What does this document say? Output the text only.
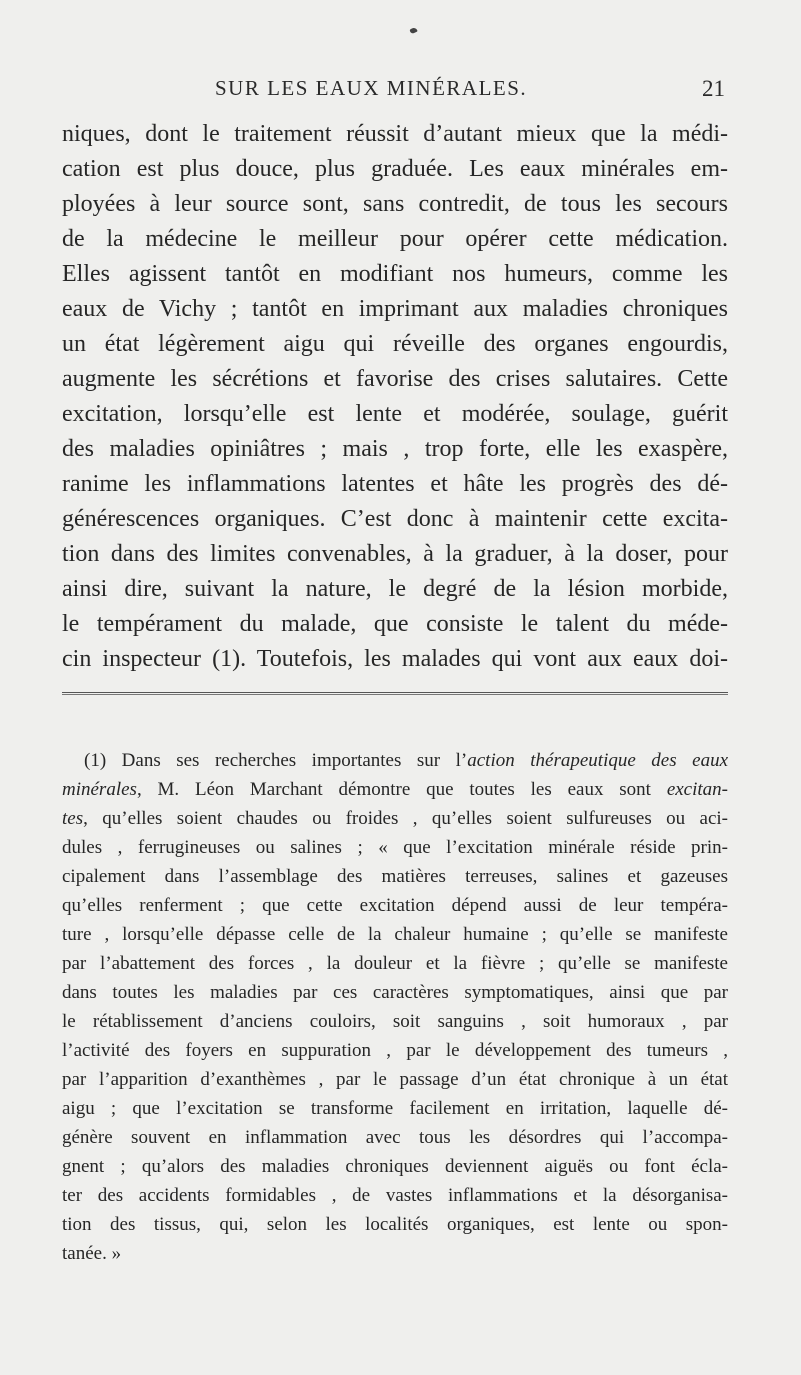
SUR LES EAUX MINÉRALES.	21
niques, dont le traitement réussit d’autant mieux que la médi-
cation est plus douce, plus graduée. Les eaux minérales em-
ployées à leur source sont, sans contredit, de tous les secours
de la médecine le meilleur pour opérer cette médication.
Elles agissent tantôt en modifiant nos humeurs, comme les
eaux de Vichy ; tantôt en imprimant aux maladies chroniques
un état légèrement aigu qui réveille des organes engourdis,
augmente les sécrétions et favorise des crises salutaires. Cette
excitation, lorsqu’elle est lente et modérée, soulage, guérit
des maladies opiniâtres ; mais , trop forte, elle les exaspère,
ranime les inflammations latentes et hâte les progrès des dé-
générescences organiques. C’est donc à maintenir cette excita-
tion dans des limites convenables, à la graduer, à la doser, pour
ainsi dire, suivant la nature, le degré de la lésion morbide,
le tempérament du malade, que consiste le talent du méde-
cin inspecteur (1). Toutefois, les malades qui vont aux eaux doi-
(1) Dans ses recherches importantes sur l’action thérapeutique des eaux
minérales, M. Léon Marchant démontre que toutes les eaux sont excitan-
tes, qu’elles soient chaudes ou froides , qu’elles soient sulfureuses ou aci-
dules , ferrugineuses ou salines ; « que l’excitation minérale réside prin-
cipalement dans l’assemblage des matières terreuses, salines et gazeuses
qu’elles renferment ; que cette excitation dépend aussi de leur tempéra-
ture , lorsqu’elle dépasse celle de la chaleur humaine ; qu’elle se manifeste
par l’abattement des forces , la douleur et la fièvre ; qu’elle se manifeste
dans toutes les maladies par ces caractères symptomatiques, ainsi que par
le rétablissement d’anciens couloirs, soit sanguins , soit humoraux , par
l’activité des foyers en suppuration , par le développement des tumeurs ,
par l’apparition d’exanthèmes , par le passage d’un état chronique à un état
aigu ; que l’excitation se transforme facilement en irritation, laquelle dé-
génère souvent en inflammation avec tous les désordres qui l’accompa-
gnent ; qu’alors des maladies chroniques deviennent aiguës ou font écla-
ter des accidents formidables , de vastes inflammations et la désorganisa-
tion des tissus, qui, selon les localités organiques, est lente ou spon-
tanée. »
